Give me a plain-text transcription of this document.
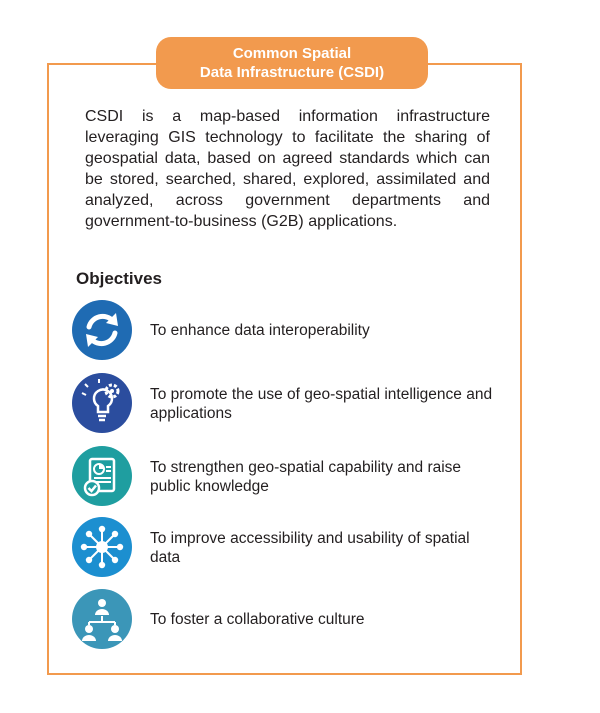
Common Spatial
Data Infrastructure (CSDI)

CSDI is a map-based information infrastructure leveraging GIS technology to facilitate the sharing of geospatial data, based on agreed standards which can be stored, searched, shared, explored, assimilated and analyzed, across government departments and government-to-business (G2B) applications.

Objectives
To enhance data interoperability
To promote the use of geo-spatial intelligence and applications
To strengthen geo-spatial capability and raise public knowledge
To improve accessibility and usability of spatial data
To foster a collaborative culture
